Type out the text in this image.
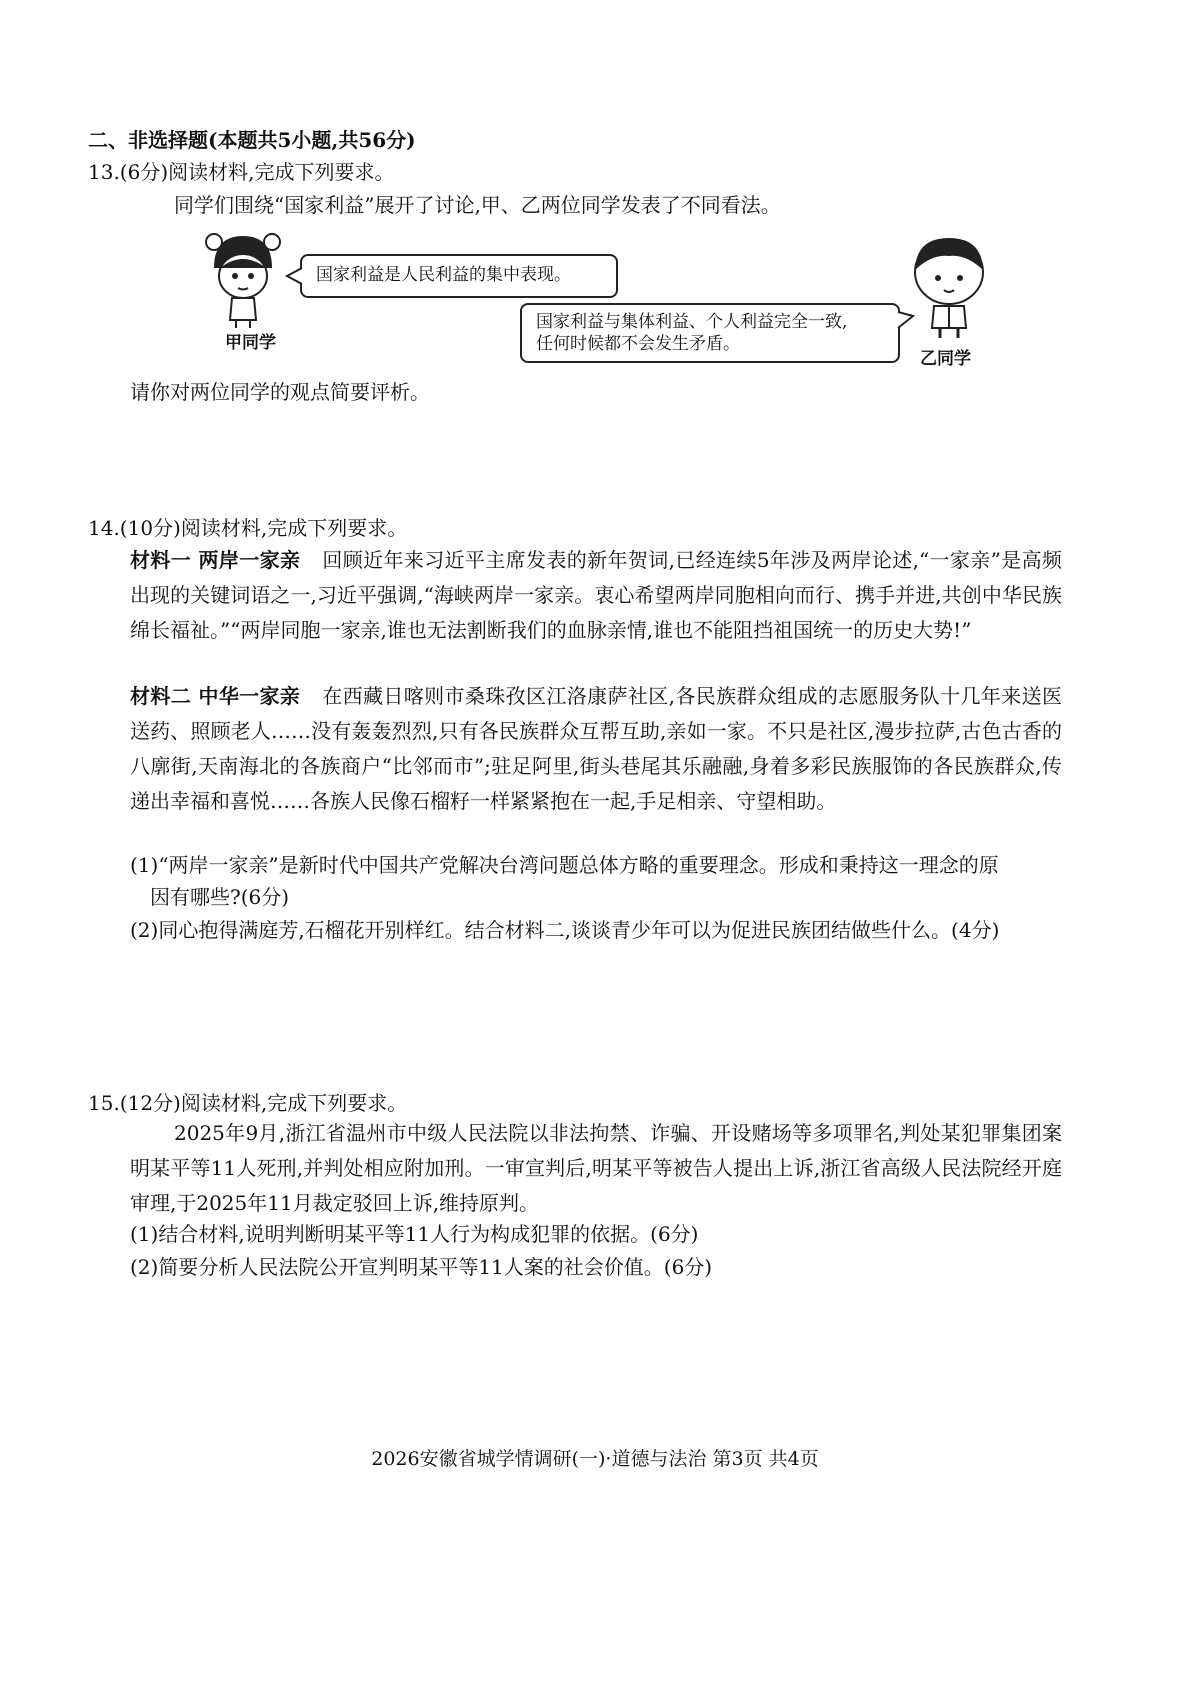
二、非选择题(本题共5小题,共56分)
13.(6分)阅读材料,完成下列要求。
同学们围绕“国家利益”展开了讨论,甲、乙两位同学发表了不同看法。
甲同学
国家利益是人民利益的集中表现。
国家利益与集体利益、个人利益完全一致,
任何时候都不会发生矛盾。
乙同学
请你对两位同学的观点简要评析。
14.(10分)阅读材料,完成下列要求。
材料一 两岸一家亲 回顾近年来习近平主席发表的新年贺词,已经连续5年涉及两岸论述,“一家亲”是高频出现的关键词语之一,习近平强调,“海峡两岸一家亲。衷心希望两岸同胞相向而行、携手并进,共创中华民族绵长福祉。”“两岸同胞一家亲,谁也无法割断我们的血脉亲情,谁也不能阻挡祖国统一的历史大势!”
材料二 中华一家亲 在西藏日喀则市桑珠孜区江洛康萨社区,各民族群众组成的志愿服务队十几年来送医送药、照顾老人……没有轰轰烈烈,只有各民族群众互帮互助,亲如一家。不只是社区,漫步拉萨,古色古香的八廓街,天南海北的各族商户“比邻而市”;驻足阿里,街头巷尾其乐融融,身着多彩民族服饰的各民族群众,传递出幸福和喜悦……各族人民像石榴籽一样紧紧抱在一起,手足相亲、守望相助。
(1)“两岸一家亲”是新时代中国共产党解决台湾问题总体方略的重要理念。形成和秉持这一理念的原
因有哪些?(6分)
(2)同心抱得满庭芳,石榴花开别样红。结合材料二,谈谈青少年可以为促进民族团结做些什么。(4分)
15.(12分)阅读材料,完成下列要求。
2025年9月,浙江省温州市中级人民法院以非法拘禁、诈骗、开设赌场等多项罪名,判处某犯罪集团案明某平等11人死刑,并判处相应附加刑。一审宣判后,明某平等被告人提出上诉,浙江省高级人民法院经开庭审理,于2025年11月裁定驳回上诉,维持原判。
(1)结合材料,说明判断明某平等11人行为构成犯罪的依据。(6分)
(2)简要分析人民法院公开宣判明某平等11人案的社会价值。(6分)
2026安徽省城学情调研(一)·道德与法治 第3页 共4页
